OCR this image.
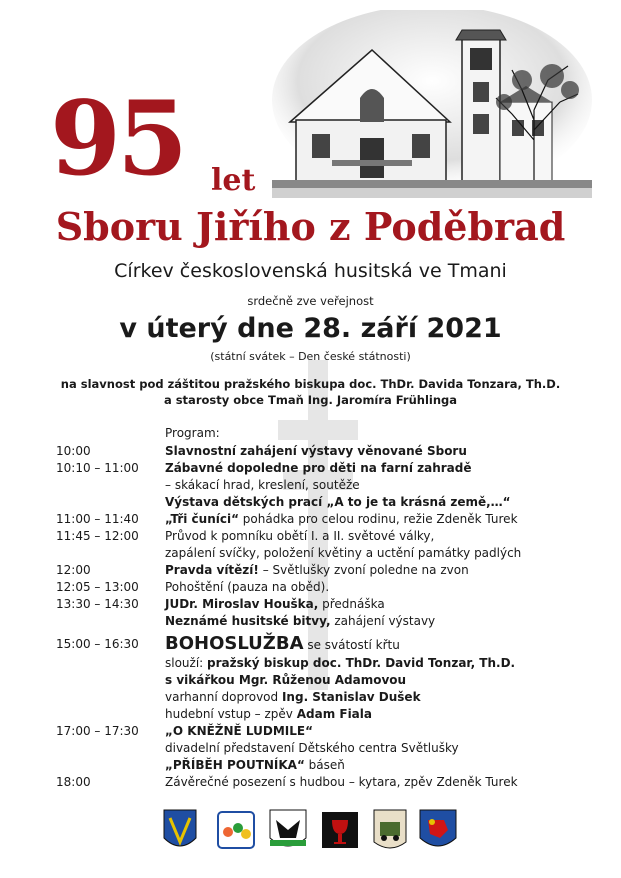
95 let
Sboru Jiřího z Poděbrad
Církev československá husitská ve Tmani
srdečně zve veřejnost
v úterý dne 28. září 2021
(státní svátek – Den české státnosti)
na slavnost pod záštitou pražského biskupa doc. ThDr. Davida Tonzara, Th.D.
a starosty obce Tmaň Ing. Jaromíra Frühlinga
Program:
10:00	Slavnostní zahájení výstavy věnované Sboru
10:10 – 11:00 Zábavné dopoledne pro děti na farní zahradě
– skákací hrad, kreslení, soutěže
Výstava dětských prací „A to je ta krásná země,…“
11:00 – 11:40 „Tři čuníci“ pohádka pro celou rodinu, režie Zdeněk Turek
11:45 – 12:00 Průvod k pomníku obětí I. a II. světové války,
zapálení svíčky, položení květiny a uctění památky padlých
12:00	Pravda vítězí! – Světlušky zvoní poledne na zvon
12:05 – 13:00 Pohoštění (pauza na oběd).
13:30 – 14:30 JUDr. Miroslav Houška, přednáška
Neznámé husitské bitvy, zahájení výstavy
15:00 – 16:30 BOHOSLUŽBA se svátostí křtu
slouží: pražský biskup doc. ThDr. David Tonzar, Th.D.
s vikářkou Mgr. Růženou Adamovou
varhanní doprovod Ing. Stanislav Dušek
hudební vstup – zpěv Adam Fiala
17:00 – 17:30 „O KNĚŽNĚ LUDMILE“
divadelní představení Dětského centra Světlušky
„PŘÍBĚH POUTNÍKA“ báseň
18:00	Závěrečné posezení s hudbou – kytara, zpěv Zdeněk Turek
